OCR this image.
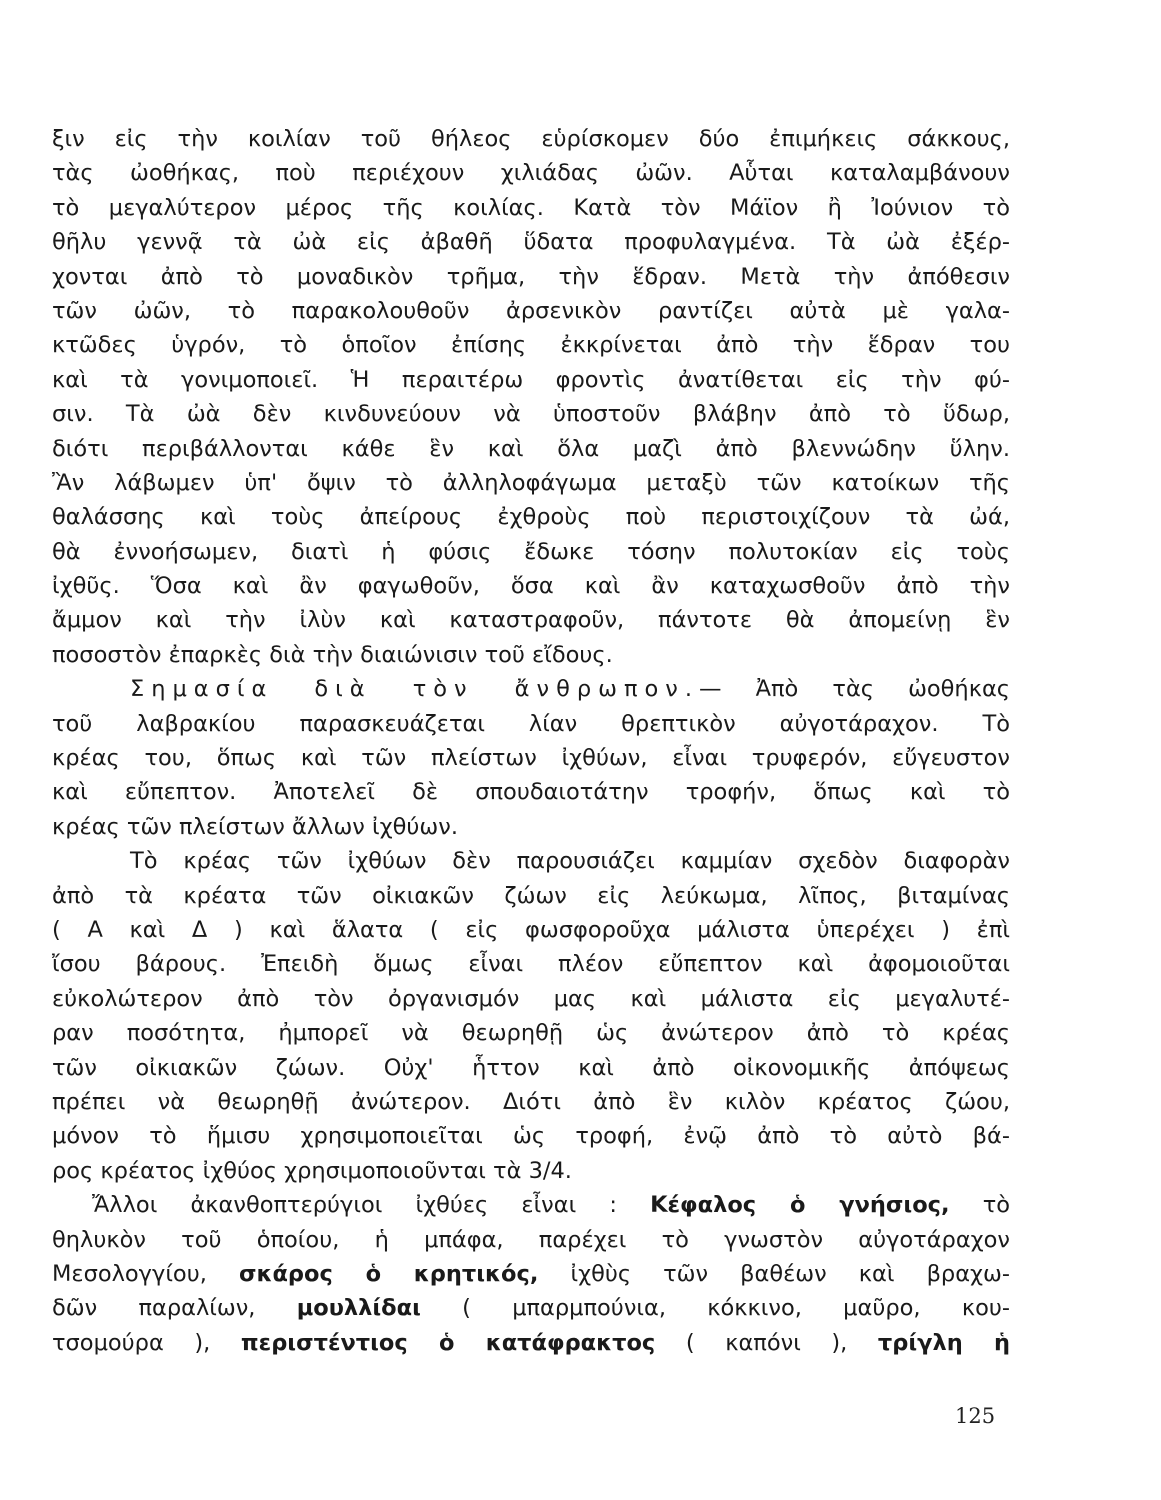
ξιν εἰς τὴν κοιλίαν τοῦ θήλεος εὑρίσκομεν δύο ἐπιμήκεις σάκκους,
τὰς ὠοθήκας, ποὺ περιέχουν χιλιάδας ὠῶν. Αὗται καταλαμβάνουν
τὸ μεγαλύτερον μέρος τῆς κοιλίας. Κατὰ τὸν Μάϊον ἢ Ἰούνιον τὸ
θῆλυ γεννᾷ τὰ ὠὰ εἰς ἀβαθῆ ὕδατα προφυλαγμένα. Τὰ ὠὰ ἐξέρ-
χονται ἀπὸ τὸ μοναδικὸν τρῆμα, τὴν ἕδραν. Μετὰ τὴν ἀπόθεσιν
τῶν ὠῶν, τὸ παρακολουθοῦν ἀρσενικὸν ραντίζει αὐτὰ μὲ γαλα-
κτῶδες ὑγρόν, τὸ ὁποῖον ἐπίσης ἐκκρίνεται ἀπὸ τὴν ἕδραν του
καὶ τὰ γονιμοποιεῖ. Ἡ περαιτέρω φροντὶς ἀνατίθεται εἰς τὴν φύ-
σιν. Τὰ ὠὰ δὲν κινδυνεύουν νὰ ὑποστοῦν βλάβην ἀπὸ τὸ ὕδωρ,
διότι περιβάλλονται κάθε ἓν καὶ ὅλα μαζὶ ἀπὸ βλεννώδην ὕλην.
Ἂν λάβωμεν ὑπ' ὄψιν τὸ ἀλληλοφάγωμα μεταξὺ τῶν κατοίκων τῆς
θαλάσσης καὶ τοὺς ἀπείρους ἐχθροὺς ποὺ περιστοιχίζουν τὰ ὠά,
θὰ ἐννοήσωμεν, διατὶ ἡ φύσις ἔδωκε τόσην πολυτοκίαν εἰς τοὺς
ἰχθῦς. Ὅσα καὶ ἂν φαγωθοῦν, ὅσα καὶ ἂν καταχωσθοῦν ἀπὸ τὴν
ἄμμον καὶ τὴν ἰλὺν καὶ καταστραφοῦν, πάντοτε θὰ ἀπομείνῃ ἓν
ποσοστὸν ἐπαρκὲς διὰ τὴν διαιώνισιν τοῦ εἴδους.
Σημασία διὰ τὸν ἄνθρωπον.— Ἀπὸ τὰς ὠοθήκας
τοῦ λαβρακίου παρασκευάζεται λίαν θρεπτικὸν αὐγοτάραχον. Τὸ
κρέας του, ὅπως καὶ τῶν πλείστων ἰχθύων, εἶναι τρυφερόν, εὔγευστον
καὶ εὔπεπτον. Ἀποτελεῖ δὲ σπουδαιοτάτην τροφήν, ὅπως καὶ τὸ
κρέας τῶν πλείστων ἄλλων ἰχθύων.
Τὸ κρέας τῶν ἰχθύων δὲν παρουσιάζει καμμίαν σχεδὸν διαφορὰν
ἀπὸ τὰ κρέατα τῶν οἰκιακῶν ζώων εἰς λεύκωμα, λῖπος, βιταμίνας
( Α καὶ Δ ) καὶ ἅλατα ( εἰς φωσφοροῦχα μάλιστα ὑπερέχει ) ἐπὶ
ἴσου βάρους. Ἐπειδὴ ὅμως εἶναι πλέον εὔπεπτον καὶ ἀφομοιοῦται
εὐκολώτερον ἀπὸ τὸν ὀργανισμόν μας καὶ μάλιστα εἰς μεγαλυτέ-
ραν ποσότητα, ἠμπορεῖ νὰ θεωρηθῇ ὡς ἀνώτερον ἀπὸ τὸ κρέας
τῶν οἰκιακῶν ζώων. Οὐχ' ἧττον καὶ ἀπὸ οἰκονομικῆς ἀπόψεως
πρέπει νὰ θεωρηθῇ ἀνώτερον. Διότι ἀπὸ ἓν κιλὸν κρέατος ζώου,
μόνον τὸ ἥμισυ χρησιμοποιεῖται ὡς τροφή, ἐνῷ ἀπὸ τὸ αὐτὸ βά-
ρος κρέατος ἰχθύος χρησιμοποιοῦνται τὰ 3/4.
Ἄλλοι ἀκανθοπτερύγιοι ἰχθύες εἶναι : Κέφαλος ὁ γνήσιος, τὸ
θηλυκὸν τοῦ ὁποίου, ἡ μπάφα, παρέχει τὸ γνωστὸν αὐγοτάραχον
Μεσολογγίου, σκάρος ὁ κρητικός, ἰχθὺς τῶν βαθέων καὶ βραχω-
δῶν παραλίων, μουλλίδαι ( μπαρμπούνια, κόκκινο, μαῦρο, κου-
τσομούρα ), περιστέντιος ὁ κατάφρακτος ( καπόνι ), τρίγλη ἡ
125
